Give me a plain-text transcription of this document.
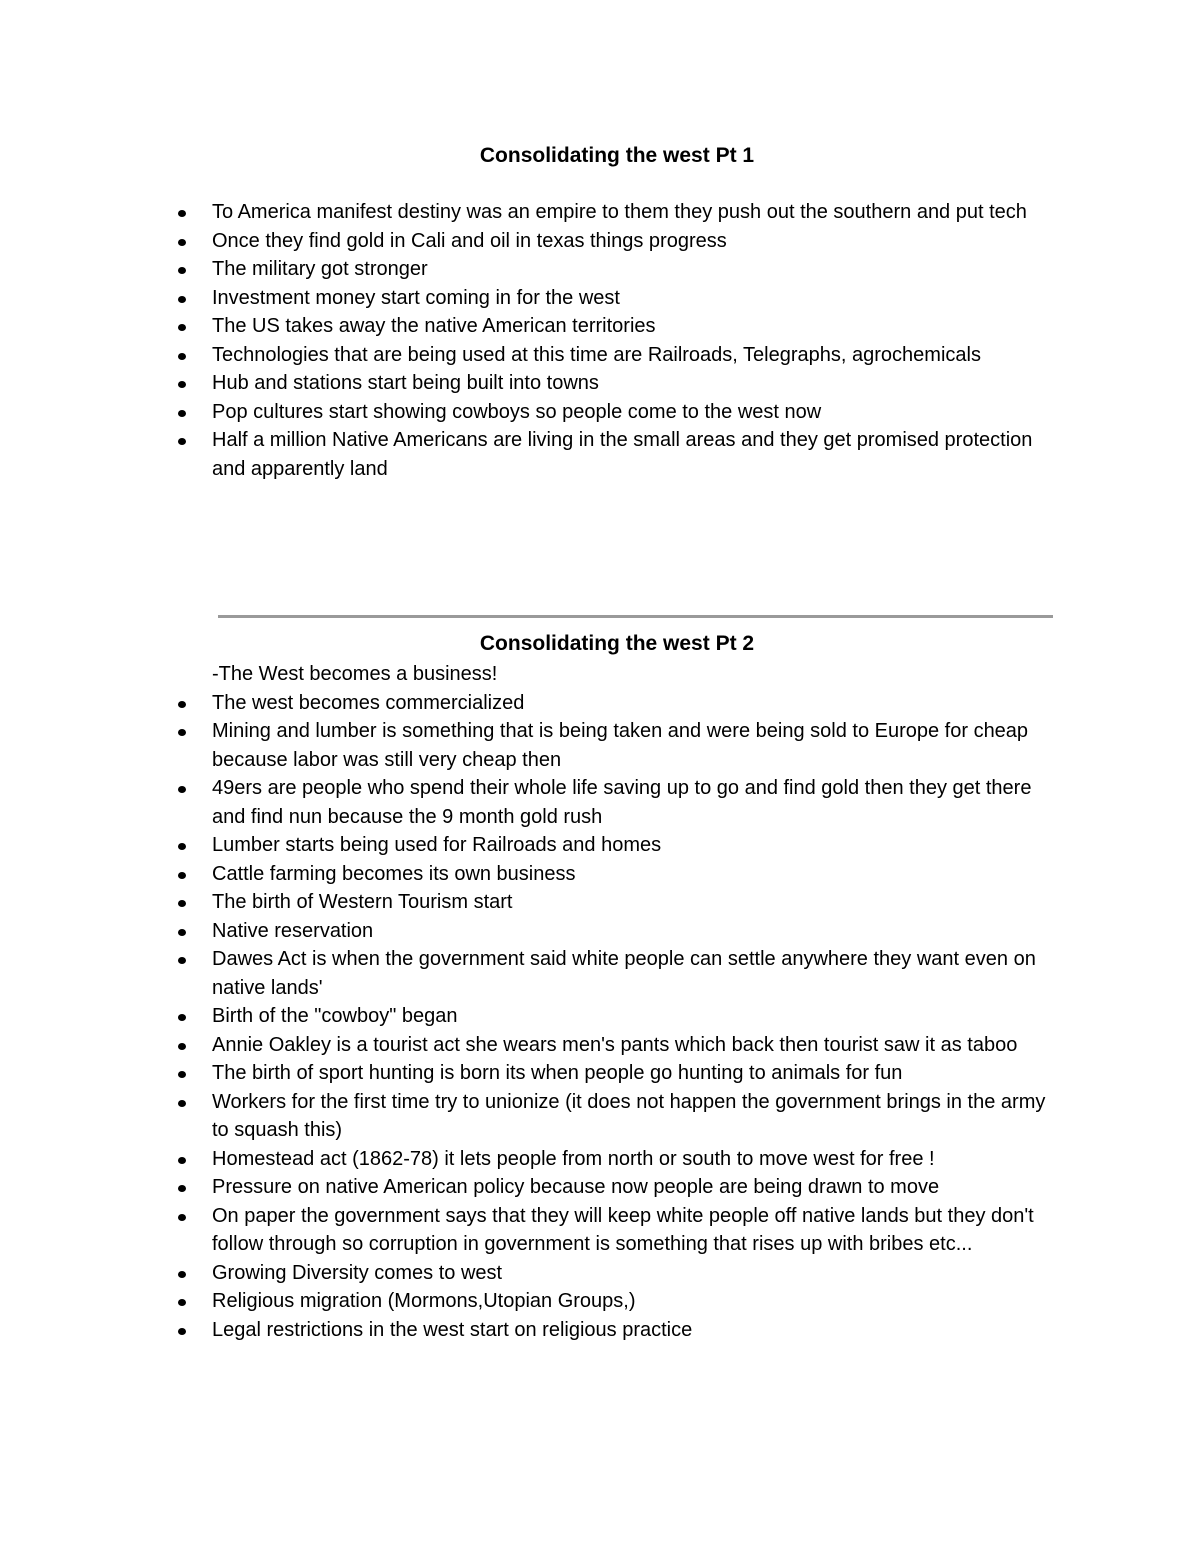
Consolidating the west Pt 1
To America manifest destiny was an empire to them they push out the southern and put tech
Once they find gold in Cali and oil in texas things progress
The military got stronger
Investment money start coming in for the west
The US takes away the native American territories
Technologies that are being used at this time are Railroads, Telegraphs, agrochemicals
Hub and stations start being built into towns
Pop cultures start showing cowboys so people come to the west now
Half a million Native Americans are living in the small areas and they get promised protection and apparently land
Consolidating the west Pt 2

-The West becomes a business!

The west becomes commercialized
Mining and lumber is something that is being taken and were being sold to Europe for cheap because labor was still very cheap then
49ers are people who spend their whole life saving up to go and find gold then they get there and find nun because the 9 month gold rush
Lumber starts being used for Railroads and homes
Cattle farming becomes its own business
The birth of Western Tourism start
Native reservation
Dawes Act is when the government said white people can settle anywhere they want even on native lands'
Birth of the "cowboy" began
Annie Oakley is a tourist act she wears men's pants which back then tourist saw it as taboo
The birth of sport hunting is born its when people go hunting to animals for fun
Workers for the first time try to unionize (it does not happen the government brings in the army to squash this)
Homestead act (1862-78) it lets people from north or south to move west for free !
Pressure on native American policy because now people are being drawn to move
On paper the government says that they will keep white people off native lands but they don't follow through so corruption in government is something that rises up with bribes etc...
Growing Diversity comes to west
Religious migration (Mormons,Utopian Groups,)
Legal restrictions in the west start on religious practice
